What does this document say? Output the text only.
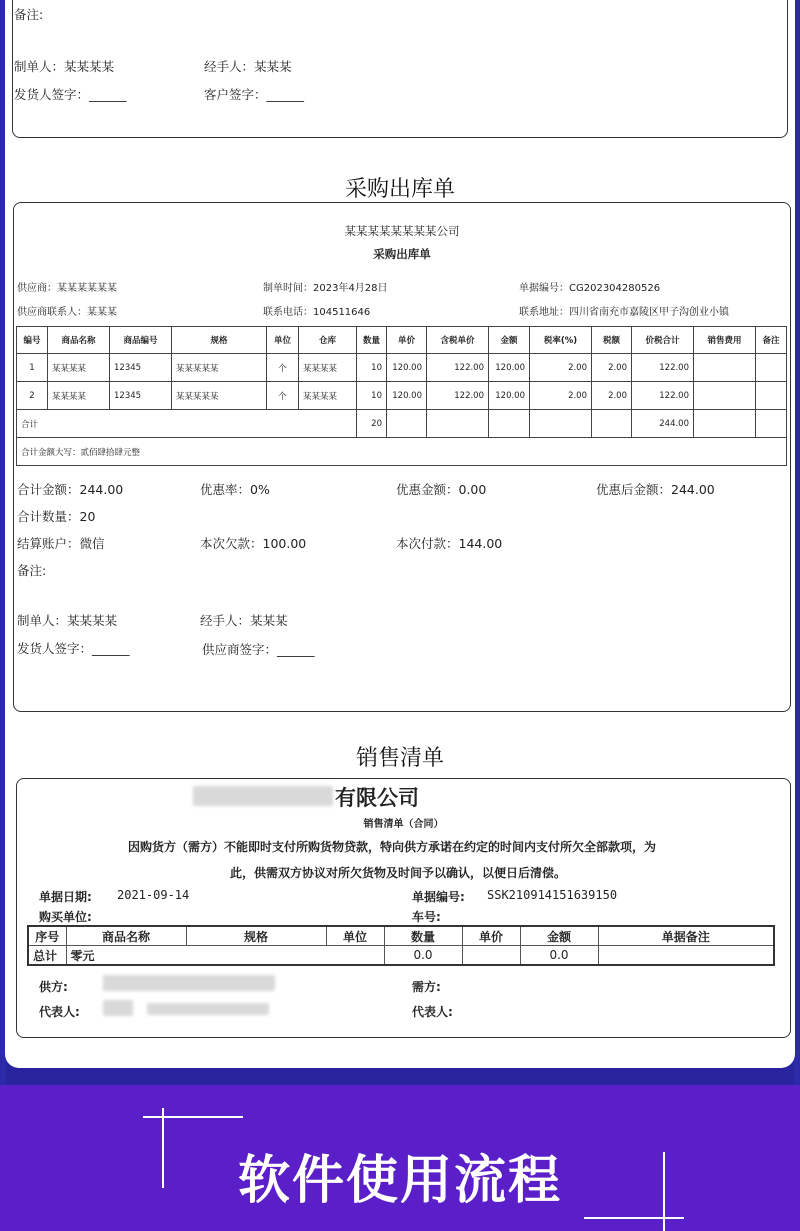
备注:
制单人：某某某某	经手人：某某某
发货人签字：______	客户签字：______
采购出库单
某某某某某某某某公司
采购出库单
供应商：某某某某某某	制单时间：2023年4月28日	单据编号：CG202304280526
供应商联系人：某某某	联系电话：104511646	联系地址：四川省南充市嘉陵区甲子沟创业小镇
编号	商品名称	商品编号	规格	单位	仓库	数量	单价	含税单价	金额	税率(%)	税额	价税合计	销售费用	备注
1	某某某某	12345	某某某某某	个	某某某某	10	120.00	122.00	120.00	2.00	2.00	122.00		
2	某某某某	12345	某某某某某	个	某某某某	10	120.00	122.00	120.00	2.00	2.00	122.00		
合计						20						244.00		
合计金额大写：贰佰肆拾肆元整														
合计金额：244.00	优惠率：0%	优惠金额：0.00	优惠后金额：244.00
合计数量：20
结算账户：微信	本次欠款：100.00	本次付款：144.00
备注:
制单人：某某某某	经手人：某某某
发货人签字：______	供应商签字：______
销售清单
有限公司
销售清单（合同）
因购货方（需方）不能即时支付所购货物贷款，特向供方承诺在约定的时间内支付所欠全部款项，为
此，供需双方协议对所欠货物及时间予以确认，以便日后清偿。
单据日期: 2021-09-14	单据编号: SSK210914151639150
购买单位:	车号:
序号	商品名称	规格	单位	数量	单价	金额	单据备注
总计	零元			0.0		0.0	
供方:	需方:
代表人:	代表人:
软件使用流程
